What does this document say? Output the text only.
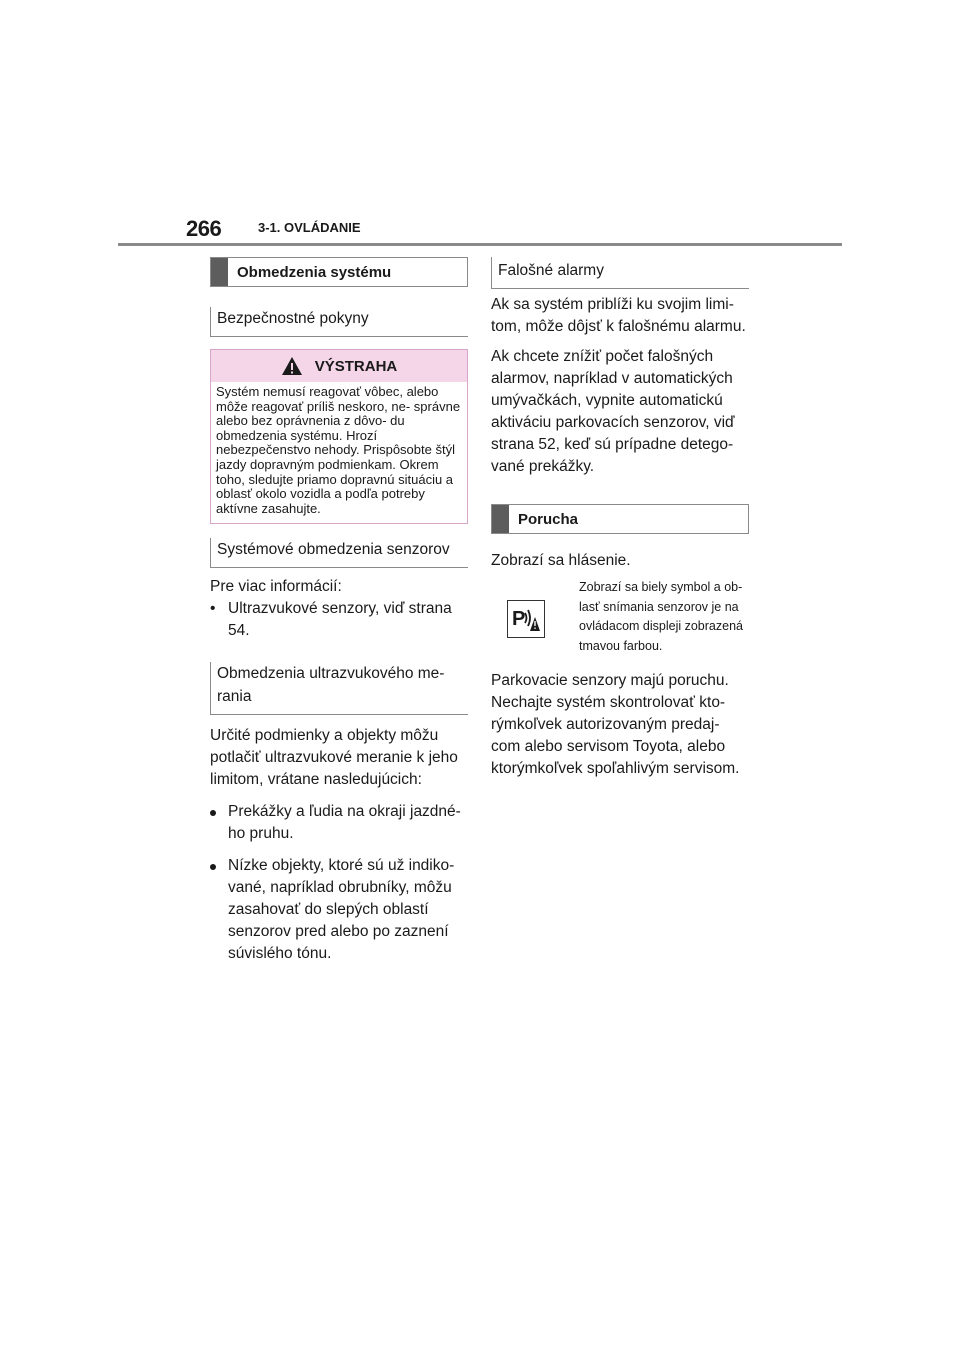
266	3-1. OVLÁDANIE
Obmedzenia systému
Bezpečnostné pokyny
VÝSTRAHA
Systém nemusí reagovať vôbec, alebo môže reagovať príliš neskoro, ne- správne alebo bez oprávnenia z dôvo- du obmedzenia systému. Hrozí nebezpečenstvo nehody. Prispôsobte štýl jazdy dopravným podmienkam. Okrem toho, sledujte priamo dopravnú situáciu a oblasť okolo vozidla a podľa potreby aktívne zasahujte.
Systémové obmedzenia senzorov

Pre viac informácií:

• Ultrazvukové senzory, viď strana 54.
Obmedzenia ultrazvukového me- rania

Určité podmienky a objekty môžu potlačiť ultrazvukové meranie k jeho limitom, vrátane nasledujúcich:

Prekážky a ľudia na okraji jazdné- ho pruhu.
Nízke objekty, ktoré sú už indiko- vané, napríklad obrubníky, môžu zasahovať do slepých oblastí senzorov pred alebo po zaznení súvislého tónu.
Falošné alarmy

Ak sa systém priblíži ku svojim limi- tom, môže dôjsť k falošnému alarmu.

Ak chcete znížiť počet falošných alarmov, napríklad v automatických umývačkách, vypnite automatickú aktiváciu parkovacích senzorov, viď strana 52, keď sú prípadne detego- vané prekážky.

Porucha

Zobrazí sa hlásenie.

P
Zobrazí sa biely symbol a ob- lasť snímania senzorov je na ovládacom displeji zobrazená tmavou farbou.

Parkovacie senzory majú poruchu. Nechajte systém skontrolovať kto- rýmkoľvek autorizovaným predaj- com alebo servisom Toyota, alebo ktorýmkoľvek spoľahlivým servisom.
